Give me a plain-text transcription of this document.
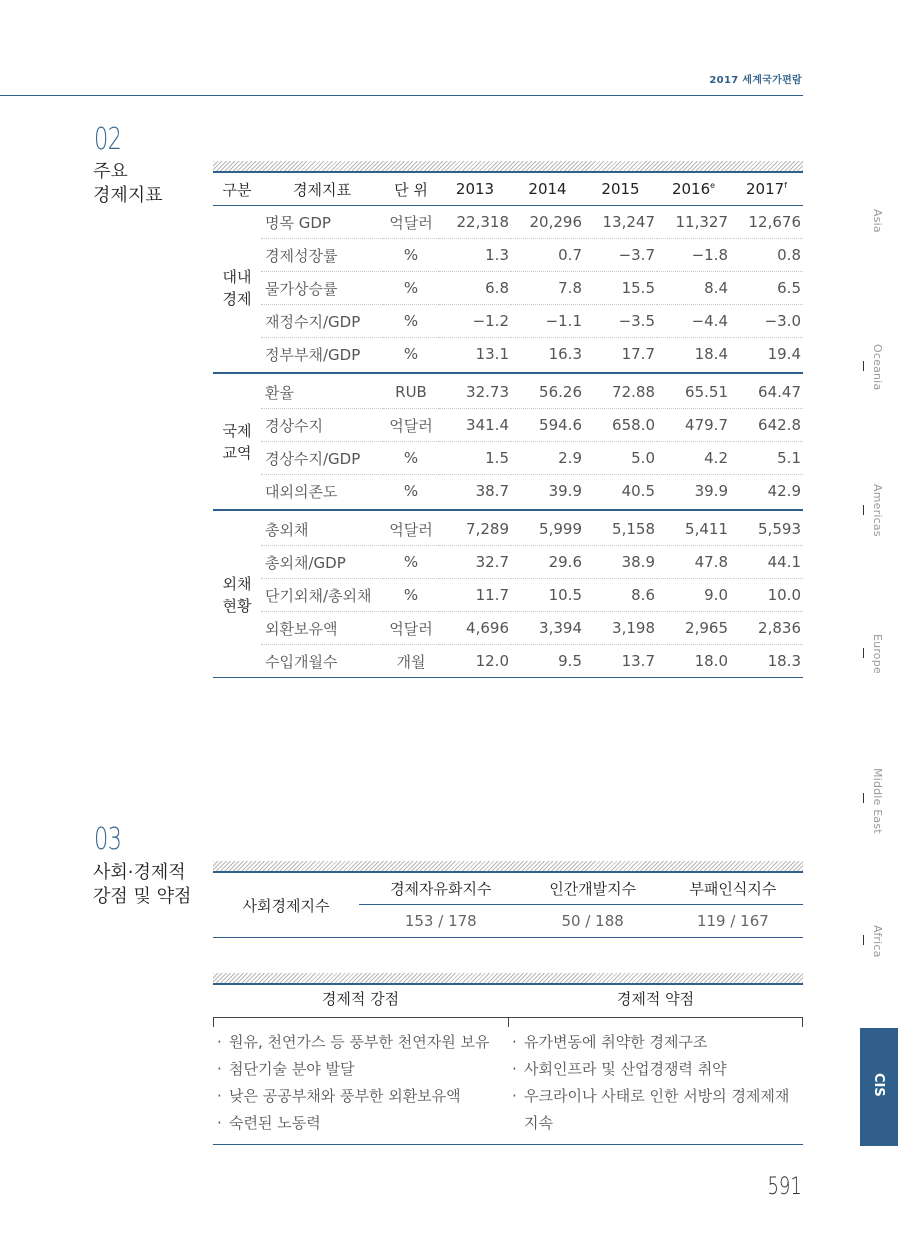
2017 세계국가편람
02
주요
경제지표	구분	경제지표	단 위	2013	2014	2015	2016e	2017$^f$

대내
경제	명목 GDP	억달러	22,318	20,296	13,247	11,327	12,676
	경제성장률	%	1.3	0.7	−3.7	−1.8	0.8
	물가상승률	%	6.8	7.8	15.5	8.4	6.5
	재정수지/GDP	%	−1.2	−1.1	−3.5	−4.4	−3.0
	정부부채/GDP	%	13.1	16.3	17.7	18.4	19.4

국제
교역	환율	RUB	32.73	56.26	72.88	65.51	64.47
	경상수지	억달러	341.4	594.6	658.0	479.7	642.8
	경상수지/GDP	%	1.5	2.9	5.0	4.2	5.1
	대외의존도	%	38.7	39.9	40.5	39.9	42.9

외채
현황	총외채	억달러	7,289	5,999	5,158	5,411	5,593
	총외채/GDP	%	32.7	29.6	38.9	47.8	44.1
	단기외채/총외채	%	11.7	10.5	8.6	9.0	10.0
	외환보유액	억달러	4,696	3,394	3,198	2,965	2,836
	수입개월수	개월	12.0	9.5	13.7	18.0	18.3
03
사회·경제적
강점 및 약점	사회경제지수	경제자유화지수	인간개발지수	부패인식지수
	153 / 178	50 / 188	119 / 167
경제적 강점	경제적 약점
· 원유, 천연가스 등 풍부한 천연자원 보유
· 첨단기술 분야 발달
· 낮은 공공부채와 풍부한 외환보유액
· 숙련된 노동력
· 유가변동에 취약한 경제구조
· 사회인프라 및 산업경쟁력 취약
· 우크라이나 사태로 인한 서방의 경제제재 지속
Asia
Oceania
Americas
Europe
Middle East
Africa
CIS
591
